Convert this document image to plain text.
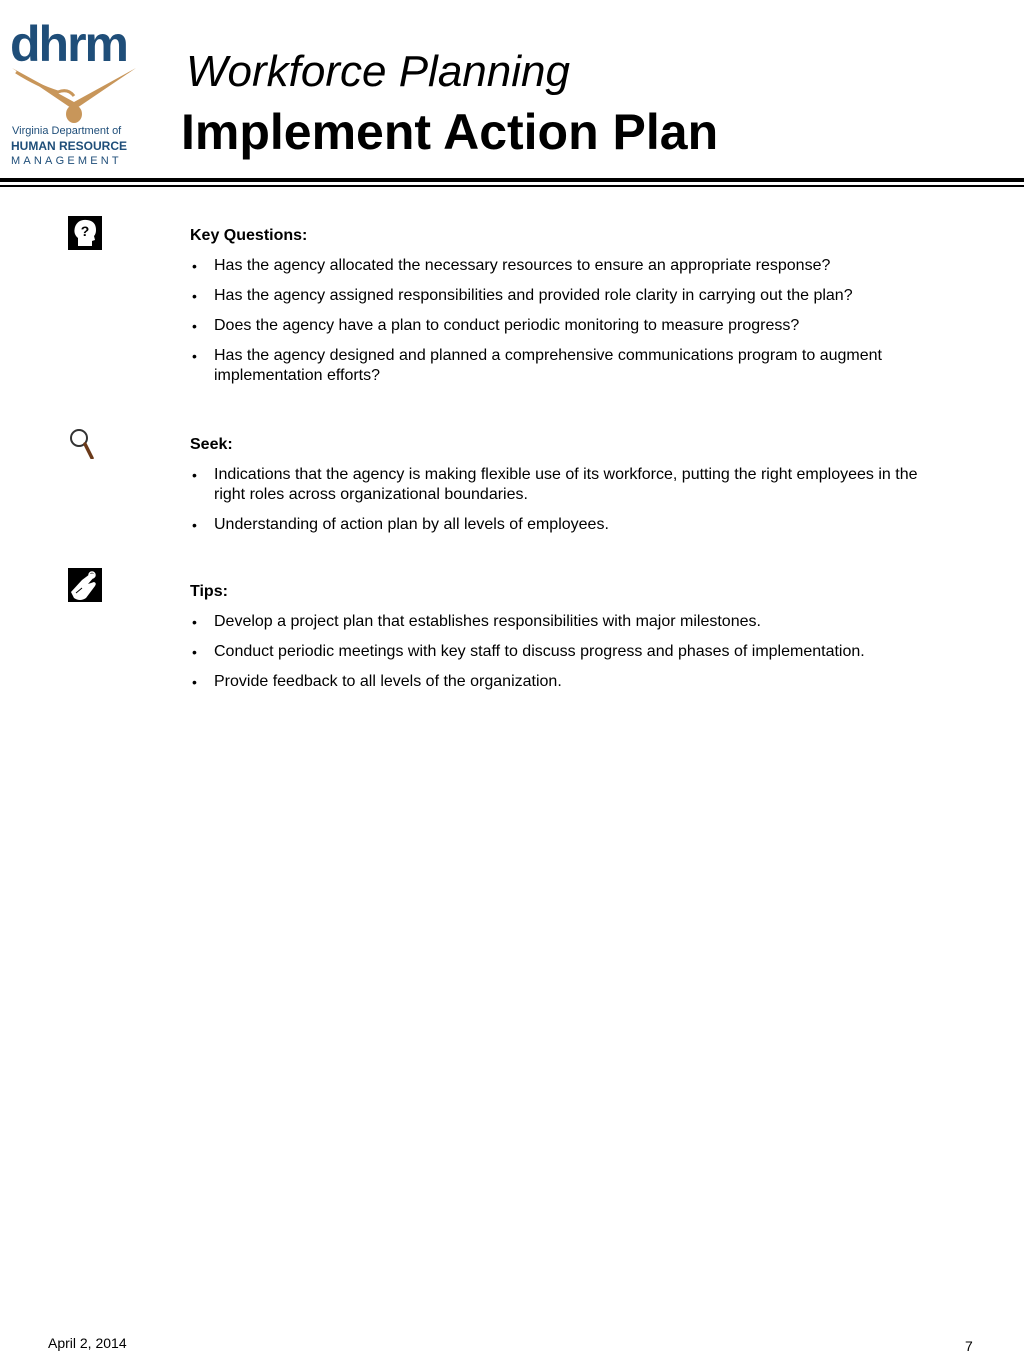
dhrm
Virginia Department of
HUMAN RESOURCE
MANAGEMENT
Workforce Planning
Implement Action Plan
?	Key Questions:
• Has the agency allocated the necessary resources to ensure an appropriate response?
• Has the agency assigned responsibilities and provided role clarity in carrying out the plan?
• Does the agency have a plan to conduct periodic monitoring to measure progress?
• Has the agency designed and planned a comprehensive communications program to augment implementation efforts?
Seek:
• Indications that the agency is making flexible use of its workforce, putting the right employees in the right roles across organizational boundaries.
• Understanding of action plan by all levels of employees.
Tips:
• Develop a project plan that establishes responsibilities with major milestones.
• Conduct periodic meetings with key staff to discuss progress and phases of implementation.
• Provide feedback to all levels of the organization.
April 2, 2014	7
